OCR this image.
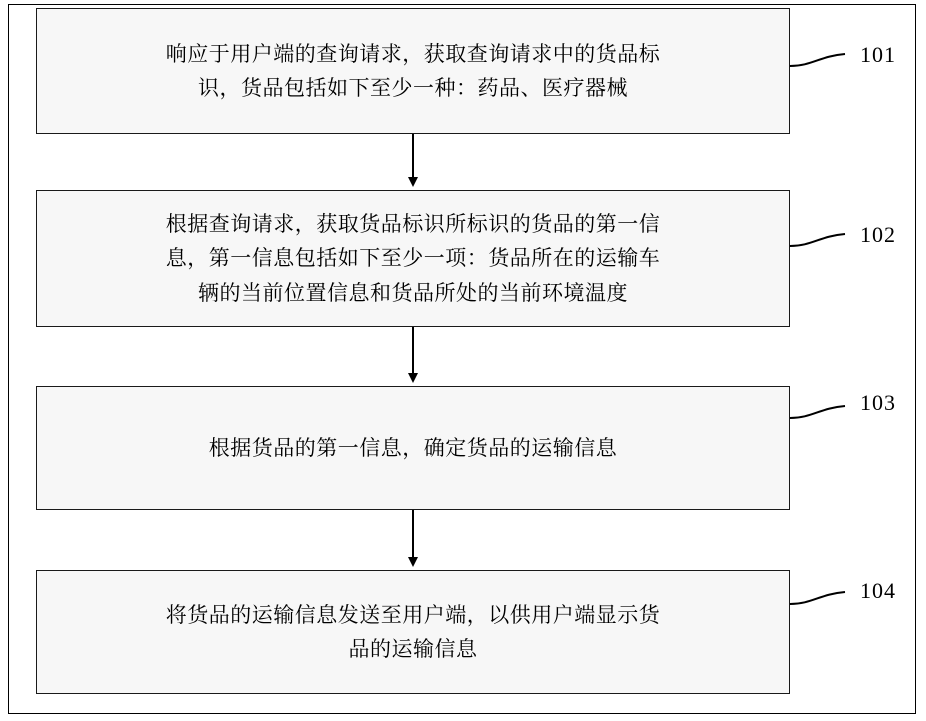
响应于用户端的查询请求，获取查询请求中的货品标
识，货品包括如下至少一种：药品、医疗器械
101
根据查询请求，获取货品标识所标识的货品的第一信
息，第一信息包括如下至少一项：货品所在的运输车
辆的当前位置信息和货品所处的当前环境温度
102
根据货品的第一信息，确定货品的运输信息
103
将货品的运输信息发送至用户端，以供用户端显示货
品的运输信息
104
